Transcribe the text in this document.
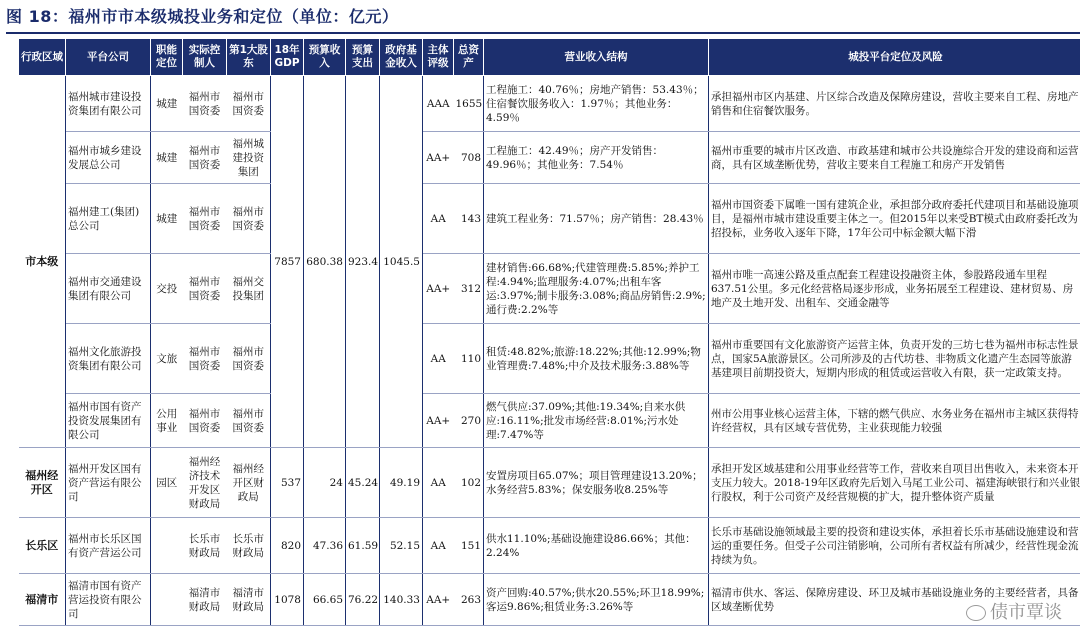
图 18：福州市市本级城投业务和定位（单位：亿元）
行政区域	平台公司	职能定位	实际控制人	第1大股东	18年GDP	预算收入	预算支出	政府基金收入	主体评级	总资产	营业收入结构	城投平台定位及风险
市本级	福州城市建设投资集团有限公司	城建	福州市国资委	福州市国资委	7857	680.38	923.4	1045.5	AAA	1655	工程施工：40.76％；房地产销售：53.43％；住宿餐饮服务收入：1.97％；其他业务：4.59％	承担福州市区内基建、片区综合改造及保障房建设，营收主要来自工程、房地产销售和住宿餐饮服务。
	福州市城乡建设发展总公司	城建	福州市国资委	福州城建投资集团					AA+	708	工程施工：42.49％；房产开发销售：49.96％；其他业务：7.54％	福州市重要的城市片区改造、市政基建和城市公共设施综合开发的建设商和运营商，具有区域垄断优势，营收主要来自工程施工和房产开发销售
	福州建工(集团)总公司	城建	福州市国资委	福州市国资委					AA	143	建筑工程业务：71.57％；房产销售：28.43％	福州市国资委下属唯一国有建筑企业，承担部分政府委托代建项目和基础设施项目，是福州市城市建设重要主体之一。但2015年以来受BT模式由政府委托改为招投标，业务收入逐年下降，17年公司中标金额大幅下滑
	福州市交通建设集团有限公司	交投	福州市国资委	福州交投集团					AA+	312	建材销售:66.68%;代建管理费:5.85%;养护工程:4.94%;监理服务:4.07%;出租车客运:3.97%;制卡服务:3.08%;商品房销售:2.9%;通行费:2.2%等	福州市唯一高速公路及重点配套工程建设投融资主体，参股路段通车里程637.51公里。多元化经营格局逐步形成，业务拓展至工程建设、建材贸易、房地产及土地开发、出租车、交通金融等
	福州文化旅游投资集团有限公司	文旅	福州市国资委	福州市国资委					AA	110	租赁:48.82%;旅游:18.22%;其他:12.99%;物业管理费:7.48%;中介及技术服务:3.88%等	福州市重要国有文化旅游资产运营主体，负责开发的三坊七巷为福州市标志性景点，国家5A旅游景区。公司所涉及的古代坊巷、非物质文化遗产生态园等旅游基建项目前期投资大，短期内形成的租赁或运营收入有限，获一定政策支持。
	福州市国有资产投资发展集团有限公司	公用事业	福州市国资委	福州市国资委					AA+	270	燃气供应:37.09%;其他:19.34%;自来水供应:16.11%;批发市场经营:8.01%;污水处理:7.47%等	州市公用事业核心运营主体，下辖的燃气供应、水务业务在福州市主城区获得特许经营权，具有区域专营优势，主业获现能力较强
福州经开区	福州开发区国有资产营运有限公司	园区	福州经济技术开发区财政局	福州经开区财政局	537	24	45.24	49.19	AA	102	安置房项目65.07%；项目管理建设13.20%；水务经营5.83%；保安服务收8.25%等	承担开发区域基建和公用事业经营等工作，营收来自项目出售收入，未来资本开支压力较大。2018-19年区政府先后划入马尾工业公司、福建海峡银行和兴业银行股权，利于公司资产及经营规模的扩大，提升整体资产质量
长乐区	福州市长乐区国有资产营运公司		长乐市财政局	长乐市财政局	820	47.36	61.59	52.15	AA	151	供水11.10%;基础设施建设86.66%；其他：2.24%	长乐市基础设施领域最主要的投资和建设实体，承担着长乐市基础设施建设和营运的重要任务。但受子公司注销影响，公司所有者权益有所减少，经营性现金流持续为负。
福清市	福清市国有资产营运投资有限公司		福清市财政局	福清市财政局	1078	66.65	76.22	140.33	AA+	263	资产回购:40.57%;供水20.55%;环卫18.99%;客运9.86%;租赁业务:3.26%等	福清市供水、客运、保障房建设、环卫及城市基础设施业务的主要经营者，具备区域垄断优势	债市覃谈
